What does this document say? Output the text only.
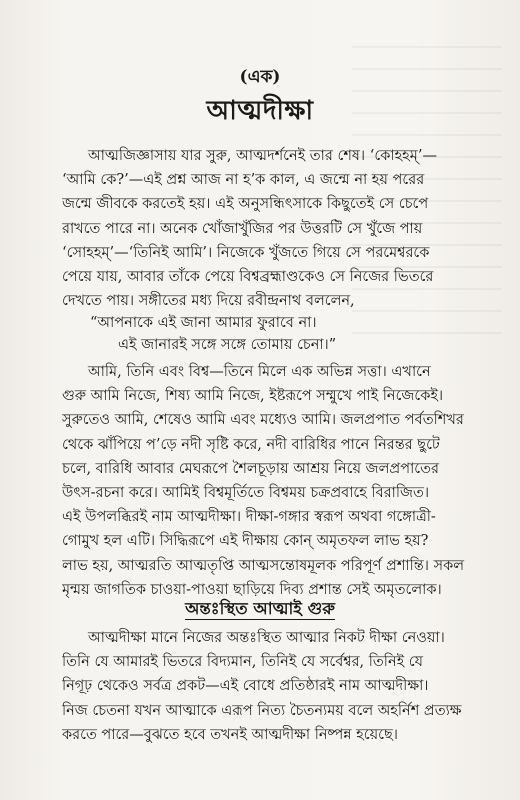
(এক)
আত্মদীক্ষা
আত্মজিজ্ঞাসায় যার সুরু, আত্মদর্শনেই তার শেষ। ‘কোহহম্’—
‘আমি কে?’—এই প্রশ্ন আজ না হ’ক কাল, এ জন্মে না হয় পরের
জন্মে জীবকে করতেই হয়। এই অনুসন্ধিৎসাকে কিছুতেই সে চেপে
রাখতে পারে না। অনেক খোঁজাখুঁজির পর উত্তরটি সে খুঁজে পায়
‘সোহহম্’—‘তিনিই আমি’। নিজেকে খুঁজতে গিয়ে সে পরমেশ্বরকে
পেয়ে যায়, আবার তাঁকে পেয়ে বিশ্বব্রহ্মাণ্ডকেও সে নিজের ভিতরে
দেখতে পায়। সঙ্গীতের মধ্য দিয়ে রবীন্দ্রনাথ বললেন,
“আপনাকে এই জানা আমার ফুরাবে না।
এই জানারই সঙ্গে সঙ্গে তোমায় চেনা।”
আমি, তিনি এবং বিশ্ব—তিনে মিলে এক অভিন্ন সত্তা। এখানে
গুরু আমি নিজে, শিষ্য আমি নিজে, ইষ্টরূপে সম্মুখে পাই নিজেকেই।
সুরুতেও আমি, শেষেও আমি এবং মধ্যেও আমি। জলপ্রপাত পর্বতশিখর
থেকে ঝাঁপিয়ে প’ড়ে নদী সৃষ্টি করে, নদী বারিধির পানে নিরন্তর ছুটে
চলে, বারিধি আবার মেঘরূপে শৈলচূড়ায় আশ্রয় নিয়ে জলপ্রপাতের
উৎস-রচনা করে। আমিই বিশ্বমূর্তিতে বিশ্বময় চক্রপ্রবাহে বিরাজিত।
এই উপলব্ধিরই নাম আত্মদীক্ষা। দীক্ষা-গঙ্গার স্বরূপ অথবা গঙ্গোত্রী-
গোমুখ হল এটি। সিদ্ধিরূপে এই দীক্ষায় কোন্ অমৃতফল লাভ হয়?
লাভ হয়, আত্মরতি আত্মতৃপ্তি আত্মসন্তোষমূলক পরিপূর্ণ প্রশান্তি। সকল
মৃন্ময় জাগতিক চাওয়া-পাওয়া ছাড়িয়ে দিব্য প্রশান্ত সেই অমৃতলোক।
অন্তঃস্থিত আত্মাই গুরু
আত্মদীক্ষা মানে নিজের অন্তঃস্থিত আত্মার নিকট দীক্ষা নেওয়া।
তিনি যে আমারই ভিতরে বিদ্যমান, তিনিই যে সর্বেশ্বর, তিনিই যে
নিগূঢ় থেকেও সর্বত্র প্রকট—এই বোধে প্রতিষ্ঠারই নাম আত্মদীক্ষা।
নিজ চেতনা যখন আত্মাকে এরূপ নিত্য চৈতন্যময় বলে অহর্নিশ প্রত্যক্ষ
করতে পারে—বুঝতে হবে তখনই আত্মদীক্ষা নিষ্পন্ন হয়েছে।
